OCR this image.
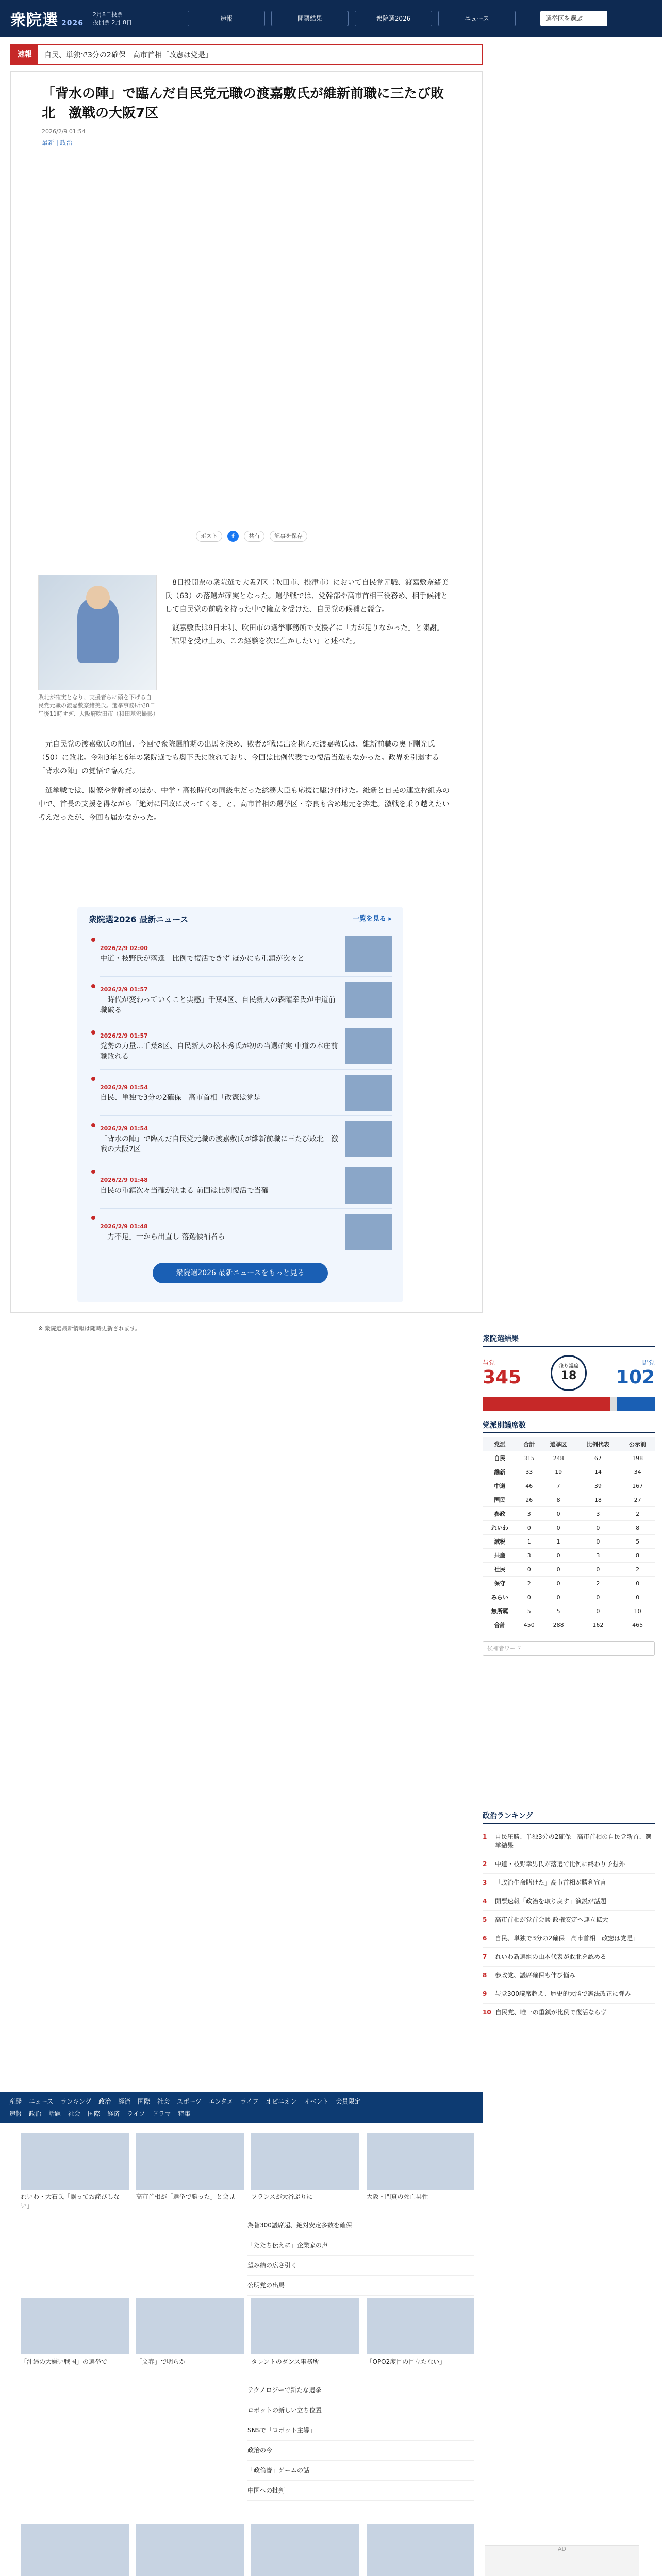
衆院選 2026
2月8日投票
投開票 2月 8日
速報	開票結果	衆院選2026	ニュース	選挙区を選ぶ
速報	自民、単独で3分の2確保　高市首相「改憲は党是」
「背水の陣」で臨んだ自民党元職の渡嘉敷氏が維新前職に三たび敗北　激戦の大阪7区
2026/2/9 01:54
最新 | 政治
ポスト	f	共有	記事を保存
敗北が確実となり、支援者らに頭を下げる自民党元職の渡嘉敷奈緒美氏。選挙事務所で8日午後11時すぎ、大阪府吹田市（和田基宏撮影）

8日投開票の衆院選で大阪7区（吹田市、摂津市）において自民党元職、渡嘉敷奈緒美氏（63）の落選が確実となった。選挙戦では、党幹部や高市首相三役務め、相手候補として自民党の前職を持った中で擁立を受けた、自民党の候補と競合。

渡嘉敷氏は9日未明、吹田市の選挙事務所で支援者に「力が足りなかった」と陳謝。「結果を受け止め、この経験を次に生かしたい」と述べた。

元自民党の渡嘉敷氏の前回、今回で衆院選前期の出馬を決め、敗者が戦に出を挑んだ渡嘉敷氏は、維新前職の奥下剛光氏（50）に敗北。令和3年と6年の衆院選でも奥下氏に敗れており、今回は比例代表での復活当選もなかった。政界を引退する「背水の陣」の覚悟で臨んだ。

選挙戦では、閣僚や党幹部のほか、中学・高校時代の同級生だった総務大臣も応援に駆け付けた。維新と自民の連立枠組みの中で、首長の支援を得ながら「絶対に国政に戻ってくる」と、高市首相の選挙区・奈良も含め地元を奔走。激戦を乗り越えたい考えだったが、今回も届かなかった。

衆院選2026 最新ニュース	一覧を見る ▸
2026/2/9 02:00
中道・枝野氏が落選　比例で復活できず ほかにも重鎮が次々と
2026/2/9 01:57
「時代が変わっていくこと実感」千葉4区、自民新人の森曜幸氏が中道前職破る
2026/2/9 01:57
党勢の力量…千葉8区、自民新人の松本秀氏が初の当選確実 中道の本庄前職敗れる
2026/2/9 01:54
自民、単独で3分の2確保　高市首相「改憲は党是」
2026/2/9 01:54
「背水の陣」で臨んだ自民党元職の渡嘉敷氏が維新前職に三たび敗北　激戦の大阪7区
2026/2/9 01:48
自民の重鎮次々当確が決まる 前回は比例復活で当確
2026/2/9 01:48
「力不足」一から出直し 落選候補者ら
衆院選2026 最新ニュースをもっと見る
※ 衆院選最新情報は随時更新されます。
衆院選結果
与党
345
残り議席
18
野党
102
党派別議席数
党派	合計	選挙区	比例代表	公示前
自民	315	248	67	198
維新	33	19	14	34
中道	46	7	39	167
国民	26	8	18	27
参政	3	0	3	2
れいわ	0	0	0	8
減税	1	1	0	5
共産	3	0	3	8
社民	0	0	0	2
保守	2	0	2	0
みらい	0	0	0	0
無所属	5	5	0	10
合計	450	288	162	465
候補者ワード
政治ランキング
1	自民圧勝、単独3分の2確保　高市首相の自民党新首、選挙結果
2	中道・枝野幸男氏が落選で比例に終わり予想外
3	「政治生命賭けた」高市首相が勝利宣言
4	開票速報「政治を取り戻す」演説が話題
5	高市首相が党首会談 政権安定へ連立拡大
6	自民、単独で3分の2確保　高市首相「改憲は党是」
7	れいわ新選組の山本代表が敗北を認める
8	参政党、議席確保も伸び悩み
9	与党300議席超え、歴史的大勝で憲法改正に弾み
10 自民党、唯一の重鎮が比例で復活ならず
産経 ニュース ランキング 政治 経済 国際 社会 スポーツ エンタメ ライフ オピニオン イベント 会員限定
速報 政治 話題 社会 国際 経済 ライフ ドラマ 特集
れいわ・大石氏「誤ってお詫びしない」
高市首相が「選挙で勝った」と会見	フランスが大谷ぶりに	大阪・門真の死亡男性
為替300議席超、絶対安定多数を確保
「たたち伝えに」企業家の声
望み結の広さ引く
公明党の出馬
「沖縄の大嫌い戦国」の選挙で	「文春」で明らか	タレントのダンス事務所	「OPO2度目の目立たない」
テクノロジーで新たな選挙
ロボットの新しい立ち位置
SNSで「ロボット主導」
政治の今
「政倫審」ゲームの話
中国への批判
AD
